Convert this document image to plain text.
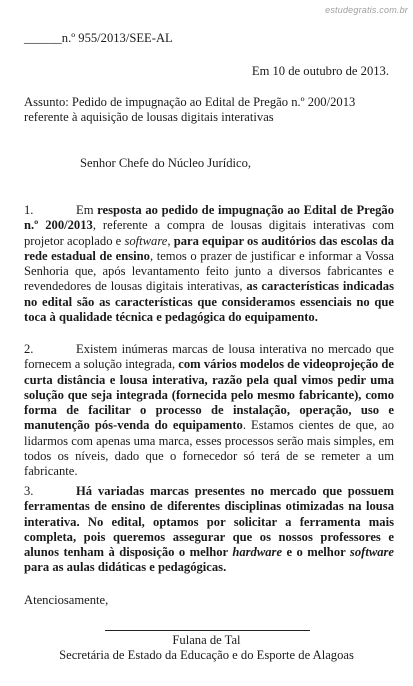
estudegratis.com.br
______n.º 955/2013/SEE-AL
Em 10 de outubro de 2013.
Assunto: Pedido de impugnação ao Edital de Pregão n.º 200/2013
referente à aquisição de lousas digitais interativas
Senhor Chefe do Núcleo Jurídico,
1.	Em resposta ao pedido de impugnação ao Edital de Pregão n.º 200/2013, referente a compra de lousas digitais interativas com projetor acoplado e software, para equipar os auditórios das escolas da rede estadual de ensino, temos o prazer de justificar e informar a Vossa Senhoria que, após levantamento feito junto a diversos fabricantes e revendedores de lousas digitais interativas, as características indicadas no edital são as características que consideramos essenciais no que toca à qualidade técnica e pedagógica do equipamento.
2.	Existem inúmeras marcas de lousa interativa no mercado que fornecem a solução integrada, com vários modelos de videoprojeção de curta distância e lousa interativa, razão pela qual vimos pedir uma solução que seja integrada (fornecida pelo mesmo fabricante), como forma de facilitar o processo de instalação, operação, uso e manutenção pós-venda do equipamento. Estamos cientes de que, ao lidarmos com apenas uma marca, esses processos serão mais simples, em todos os níveis, dado que o fornecedor só terá de se remeter a um fabricante.
3.	Há variadas marcas presentes no mercado que possuem ferramentas de ensino de diferentes disciplinas otimizadas na lousa interativa. No edital, optamos por solicitar a ferramenta mais completa, pois queremos assegurar que os nossos professores e alunos tenham à disposição o melhor hardware e o melhor software para as aulas didáticas e pedagógicas.
Atenciosamente,
Fulana de Tal
Secretária de Estado da Educação e do Esporte de Alagoas
